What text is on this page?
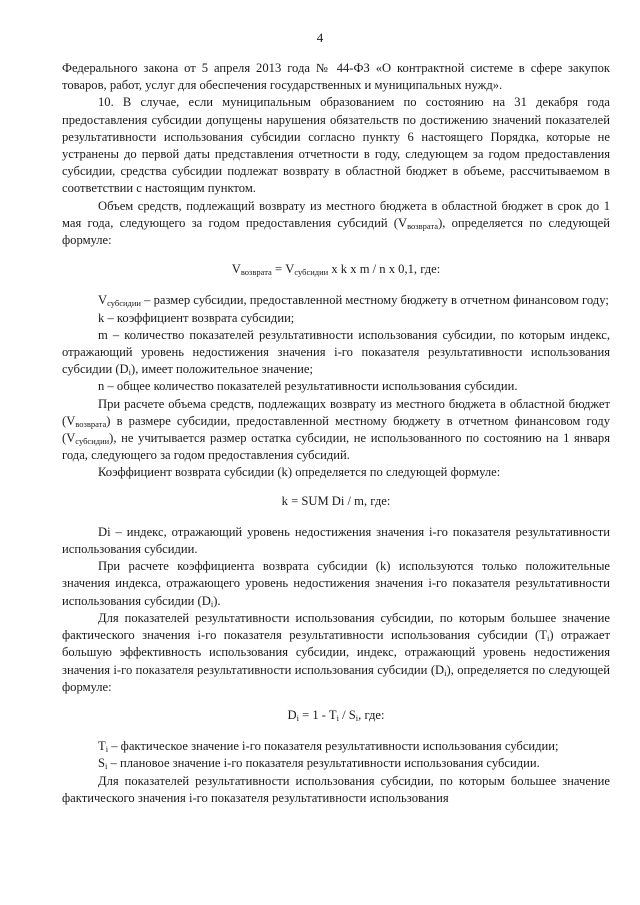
4

Федерального закона от 5 апреля 2013 года № 44-ФЗ «О контрактной системе в сфере закупок товаров, работ, услуг для обеспечения государственных и муниципальных нужд».

10. В случае, если муниципальным образованием по состоянию на 31 декабря года предоставления субсидии допущены нарушения обязательств по достижению значений показателей результативности использования субсидии согласно пункту 6 настоящего Порядка, которые не устранены до первой даты представления отчетности в году, следующем за годом предоставления субсидии, средства субсидии подлежат возврату в областной бюджет в объеме, рассчитываемом в соответствии с настоящим пунктом.

Объем средств, подлежащий возврату из местного бюджета в областной бюджет в срок до 1 мая года, следующего за годом предоставления субсидий $(V_{возврата})$, определяется по следующей формуле:

$V_{возврата} = V_{субсидии}$ x k x m / n x 0,1, где:

$V_{субсидии}$ – размер субсидии, предоставленной местному бюджету в отчетном финансовом году;

k – коэффициент возврата субсидии;

m – количество показателей результативности использования субсидии, по которым индекс, отражающий уровень недостижения значения i-го показателя результативности использования субсидии $(D_i)$, имеет положительное значение;

n – общее количество показателей результативности использования субсидии.

При расчете объема средств, подлежащих возврату из местного бюджета в областной бюджет $(V_{возврата})$ в размере субсидии, предоставленной местному бюджету в отчетном финансовом году $(V_{субсидии})$, не учитывается размер остатка субсидии, не использованного по состоянию на 1 января года, следующего за годом предоставления субсидий.

Коэффициент возврата субсидии (k) определяется по следующей формуле:

k = SUM Di / m, где:

Di – индекс, отражающий уровень недостижения значения i-го показателя результативности использования субсидии.

При расчете коэффициента возврата субсидии (k) используются только положительные значения индекса, отражающего уровень недостижения значения i-го показателя результативности использования субсидии $(D_i)$.

Для показателей результативности использования субсидии, по которым большее значение фактического значения i-го показателя результативности использования субсидии $(T_i)$ отражает большую эффективность использования субсидии, индекс, отражающий уровень недостижения значения i-го показателя результативности использования субсидии $(D_i)$, определяется по следующей формуле:

$D_i = 1 - T_i / S_i$, где:

$T_i$ – фактическое значение i-го показателя результативности использования субсидии;

$S_i$ – плановое значение i-го показателя результативности использования субсидии.

Для показателей результативности использования субсидии, по которым большее значение фактического значения i-го показателя результативности использования
